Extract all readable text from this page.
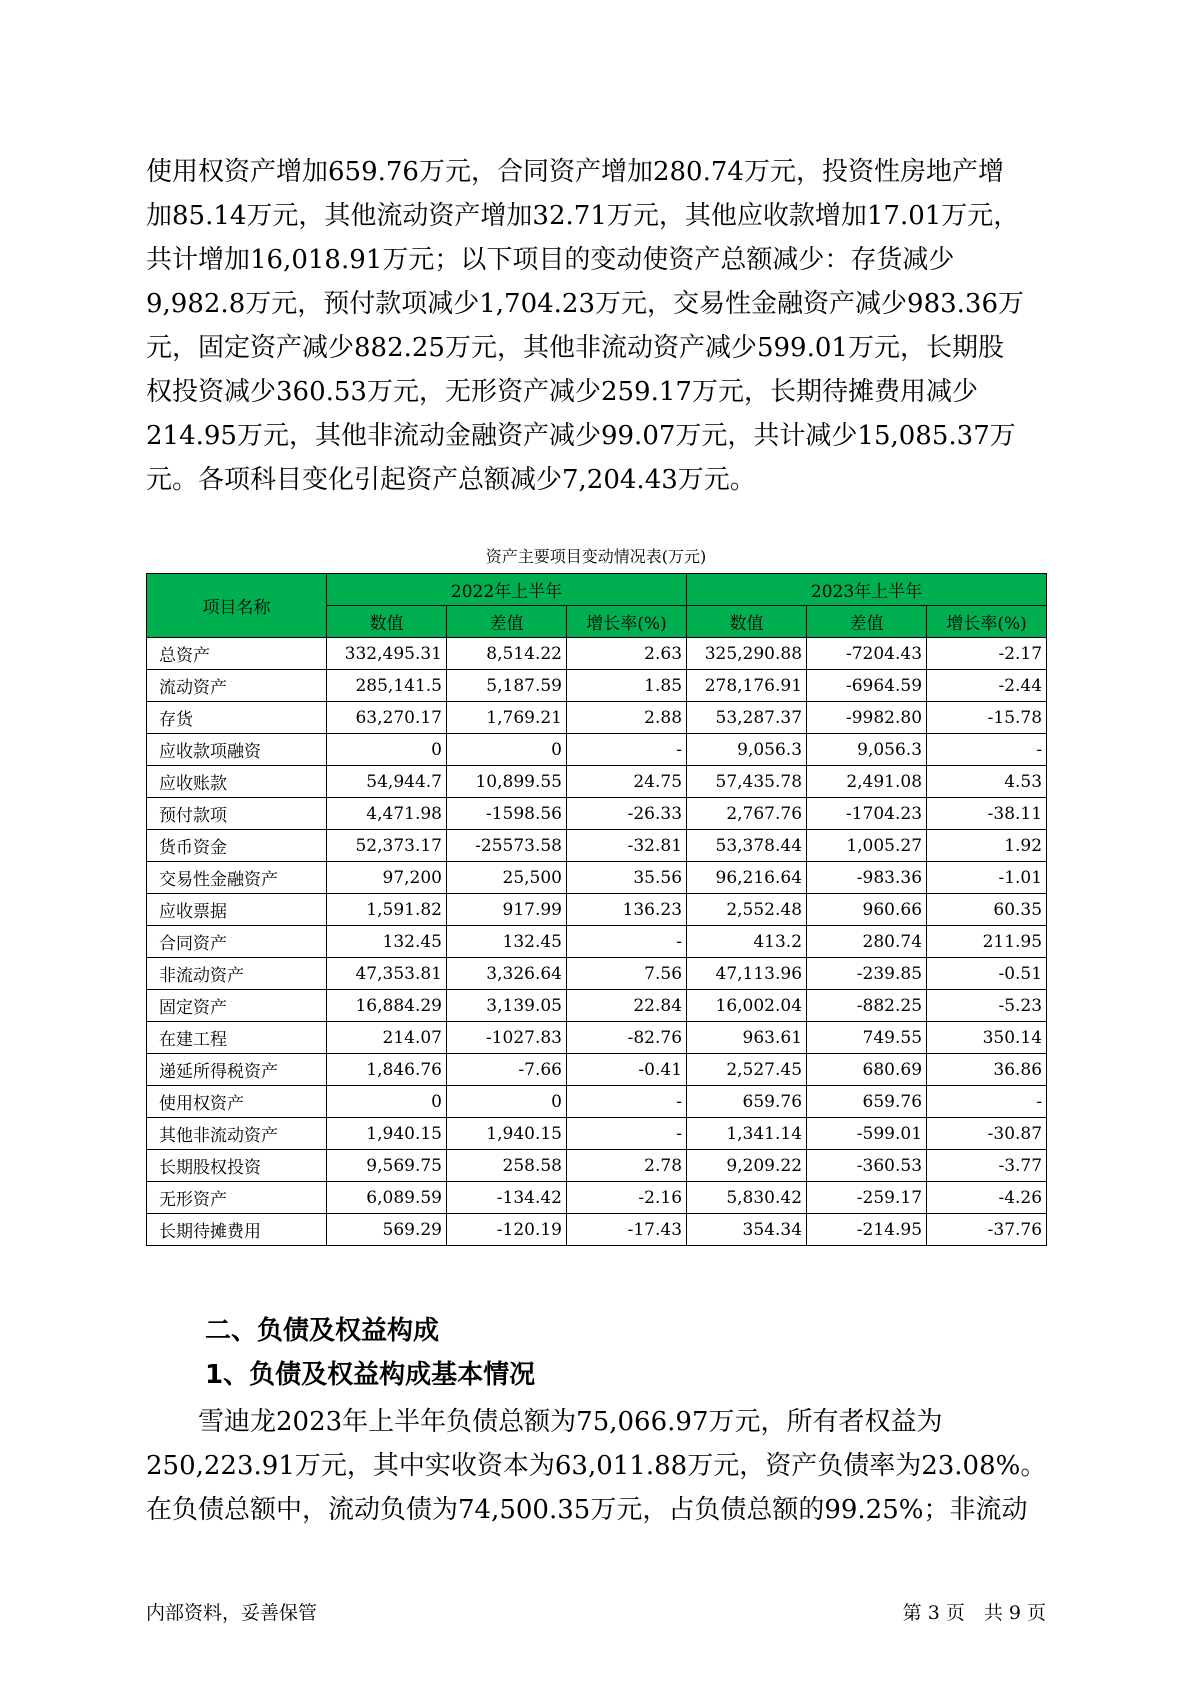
使用权资产增加659.76万元，合同资产增加280.74万元，投资性房地产增
加85.14万元，其他流动资产增加32.71万元，其他应收款增加17.01万元，
共计增加16,018.91万元；以下项目的变动使资产总额减少：存货减少
9,982.8万元，预付款项减少1,704.23万元，交易性金融资产减少983.36万
元，固定资产减少882.25万元，其他非流动资产减少599.01万元，长期股
权投资减少360.53万元，无形资产减少259.17万元，长期待摊费用减少
214.95万元，其他非流动金融资产减少99.07万元，共计减少15,085.37万
元。各项科目变化引起资产总额减少7,204.43万元。
资产主要项目变动情况表(万元)
项目名称	2022年上半年			2023年上半年		
	数值	差值	增长率(%)	数值	差值	增长率(%)
总资产	332,495.31	8,514.22	2.63	325,290.88	-7204.43	-2.17
流动资产	285,141.5	5,187.59	1.85	278,176.91	-6964.59	-2.44
存货	63,270.17	1,769.21	2.88	53,287.37	-9982.80	-15.78
应收款项融资	0	0	-	9,056.3	9,056.3	-
应收账款	54,944.7	10,899.55	24.75	57,435.78	2,491.08	4.53
预付款项	4,471.98	-1598.56	-26.33	2,767.76	-1704.23	-38.11
货币资金	52,373.17	-25573.58	-32.81	53,378.44	1,005.27	1.92
交易性金融资产	97,200	25,500	35.56	96,216.64	-983.36	-1.01
应收票据	1,591.82	917.99	136.23	2,552.48	960.66	60.35
合同资产	132.45	132.45	-	413.2	280.74	211.95
非流动资产	47,353.81	3,326.64	7.56	47,113.96	-239.85	-0.51
固定资产	16,884.29	3,139.05	22.84	16,002.04	-882.25	-5.23
在建工程	214.07	-1027.83	-82.76	963.61	749.55	350.14
递延所得税资产	1,846.76	-7.66	-0.41	2,527.45	680.69	36.86
使用权资产	0	0	-	659.76	659.76	-
其他非流动资产	1,940.15	1,940.15	-	1,341.14	-599.01	-30.87
长期股权投资	9,569.75	258.58	2.78	9,209.22	-360.53	-3.77
无形资产	6,089.59	-134.42	-2.16	5,830.42	-259.17	-4.26
长期待摊费用	569.29	-120.19	-17.43	354.34	-214.95	-37.76
二、负债及权益构成
1、负债及权益构成基本情况
　　雪迪龙2023年上半年负债总额为75,066.97万元，所有者权益为
250,223.91万元，其中实收资本为63,011.88万元，资产负债率为23.08%。
在负债总额中，流动负债为74,500.35万元，占负债总额的99.25%；非流动
内部资料，妥善保管	第 3 页　共 9 页
